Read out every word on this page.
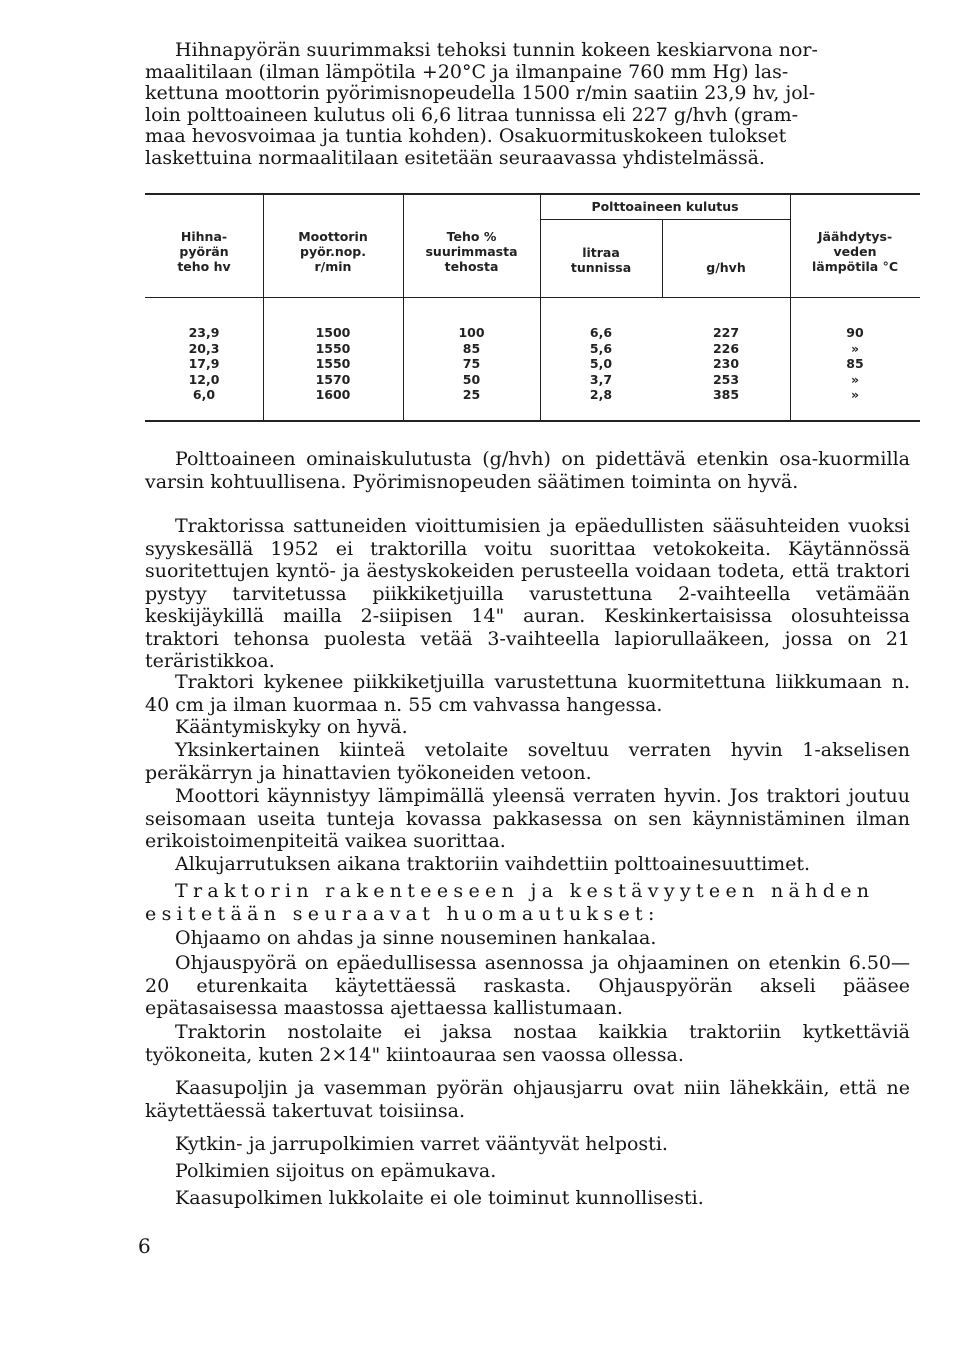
Hihnapyörän suurimmaksi tehoksi tunnin kokeen keskiarvona nor-
maalitilaan (ilman lämpötila +20°C ja ilmanpaine 760 mm Hg) las-
kettuna moottorin pyörimisnopeudella 1500 r/min saatiin 23,9 hv, jol-
loin polttoaineen kulutus oli 6,6 litraa tunnissa eli 227 g/hvh (gram-
maa hevosvoimaa ja tuntia kohden). Osakuormituskokeen tulokset
laskettuina normaalitilaan esitetään seuraavassa yhdistelmässä.
Hihna-
pyörän
teho hv
Moottorin
pyör.nop.
r/min
Teho %
suurimmasta
tehosta
Polttoaineen kulutus
litraa
tunnissa	g/hvh
Jäähdytys-
veden
lämpötila °C
23,9
20,3
17,9
12,0
6,0
1500
1550
1550
1570
1600
100
85
75
50
25
6,6
5,6
5,0
3,7
2,8
227
226
230
253
385
90
»
85
»
»

Polttoaineen ominaiskulutusta (g/hvh) on pidettävä etenkin osa-kuormilla varsin kohtuullisena. Pyörimisnopeuden säätimen toiminta on hyvä.

Traktorissa sattuneiden vioittumisien ja epäedullisten sääsuhteiden vuoksi syyskesällä 1952 ei traktorilla voitu suorittaa vetokokeita. Käytännössä suoritettujen kyntö- ja äestyskokeiden perusteella voidaan todeta, että traktori pystyy tarvitetussa piikkiketjuilla varustettuna 2-vaihteella vetämään keskijäykillä mailla 2-siipisen 14" auran. Keskinkertaisissa olosuhteissa traktori tehonsa puolesta vetää 3-vaihteella lapiorullaäkeen, jossa on 21 teräristikkoa.

Traktori kykenee piikkiketjuilla varustettuna kuormitettuna liikkumaan n. 40 cm ja ilman kuormaa n. 55 cm vahvassa hangessa.

Kääntymiskyky on hyvä.

Yksinkertainen kiinteä vetolaite soveltuu verraten hyvin 1-akselisen peräkärryn ja hinattavien työkoneiden vetoon.

Moottori käynnistyy lämpimällä yleensä verraten hyvin. Jos traktori joutuu seisomaan useita tunteja kovassa pakkasessa on sen käynnistäminen ilman erikoistoimenpiteitä vaikea suorittaa.

Alkujarrutuksen aikana traktoriin vaihdettiin polttoainesuuttimet.

Traktorin rakenteeseen ja kestävyyteen nähden esitetään seuraavat huomautukset:

Ohjaamo on ahdas ja sinne nouseminen hankalaa.

Ohjauspyörä on epäedullisessa asennossa ja ohjaaminen on etenkin 6.50—20 eturenkaita käytettäessä raskasta. Ohjauspyörän akseli pääsee epätasaisessa maastossa ajettaessa kallistumaan.

Traktorin nostolaite ei jaksa nostaa kaikkia traktoriin kytkettäviä työkoneita, kuten 2×14" kiintoauraa sen vaossa ollessa.

Kaasupoljin ja vasemman pyörän ohjausjarru ovat niin lähekkäin, että ne käytettäessä takertuvat toisiinsa.

Kytkin- ja jarrupolkimien varret vääntyvät helposti.

Polkimien sijoitus on epämukava.

Kaasupolkimen lukkolaite ei ole toiminut kunnollisesti.

6
